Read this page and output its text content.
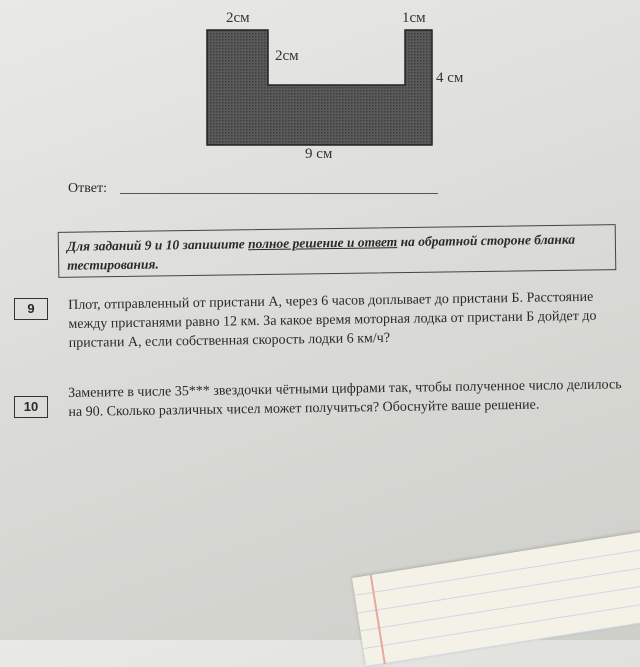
2см	1см
2см
4 см
9 см
Ответ:
Для заданий 9 и 10 запишите полное решение и ответ на обратной стороне бланка тестирования.
9	Плот, отправленный от пристани А, через 6 часов доплывает до пристани Б. Расстояние между пристанями равно 12 км. За какое время моторная лодка от пристани Б дойдет до пристани А, если собственная скорость лодки 6 км/ч?
10
Замените в числе 35*** звездочки чётными цифрами так, чтобы полученное число делилось на 90. Сколько различных чисел может получиться? Обоснуйте ваше решение.
